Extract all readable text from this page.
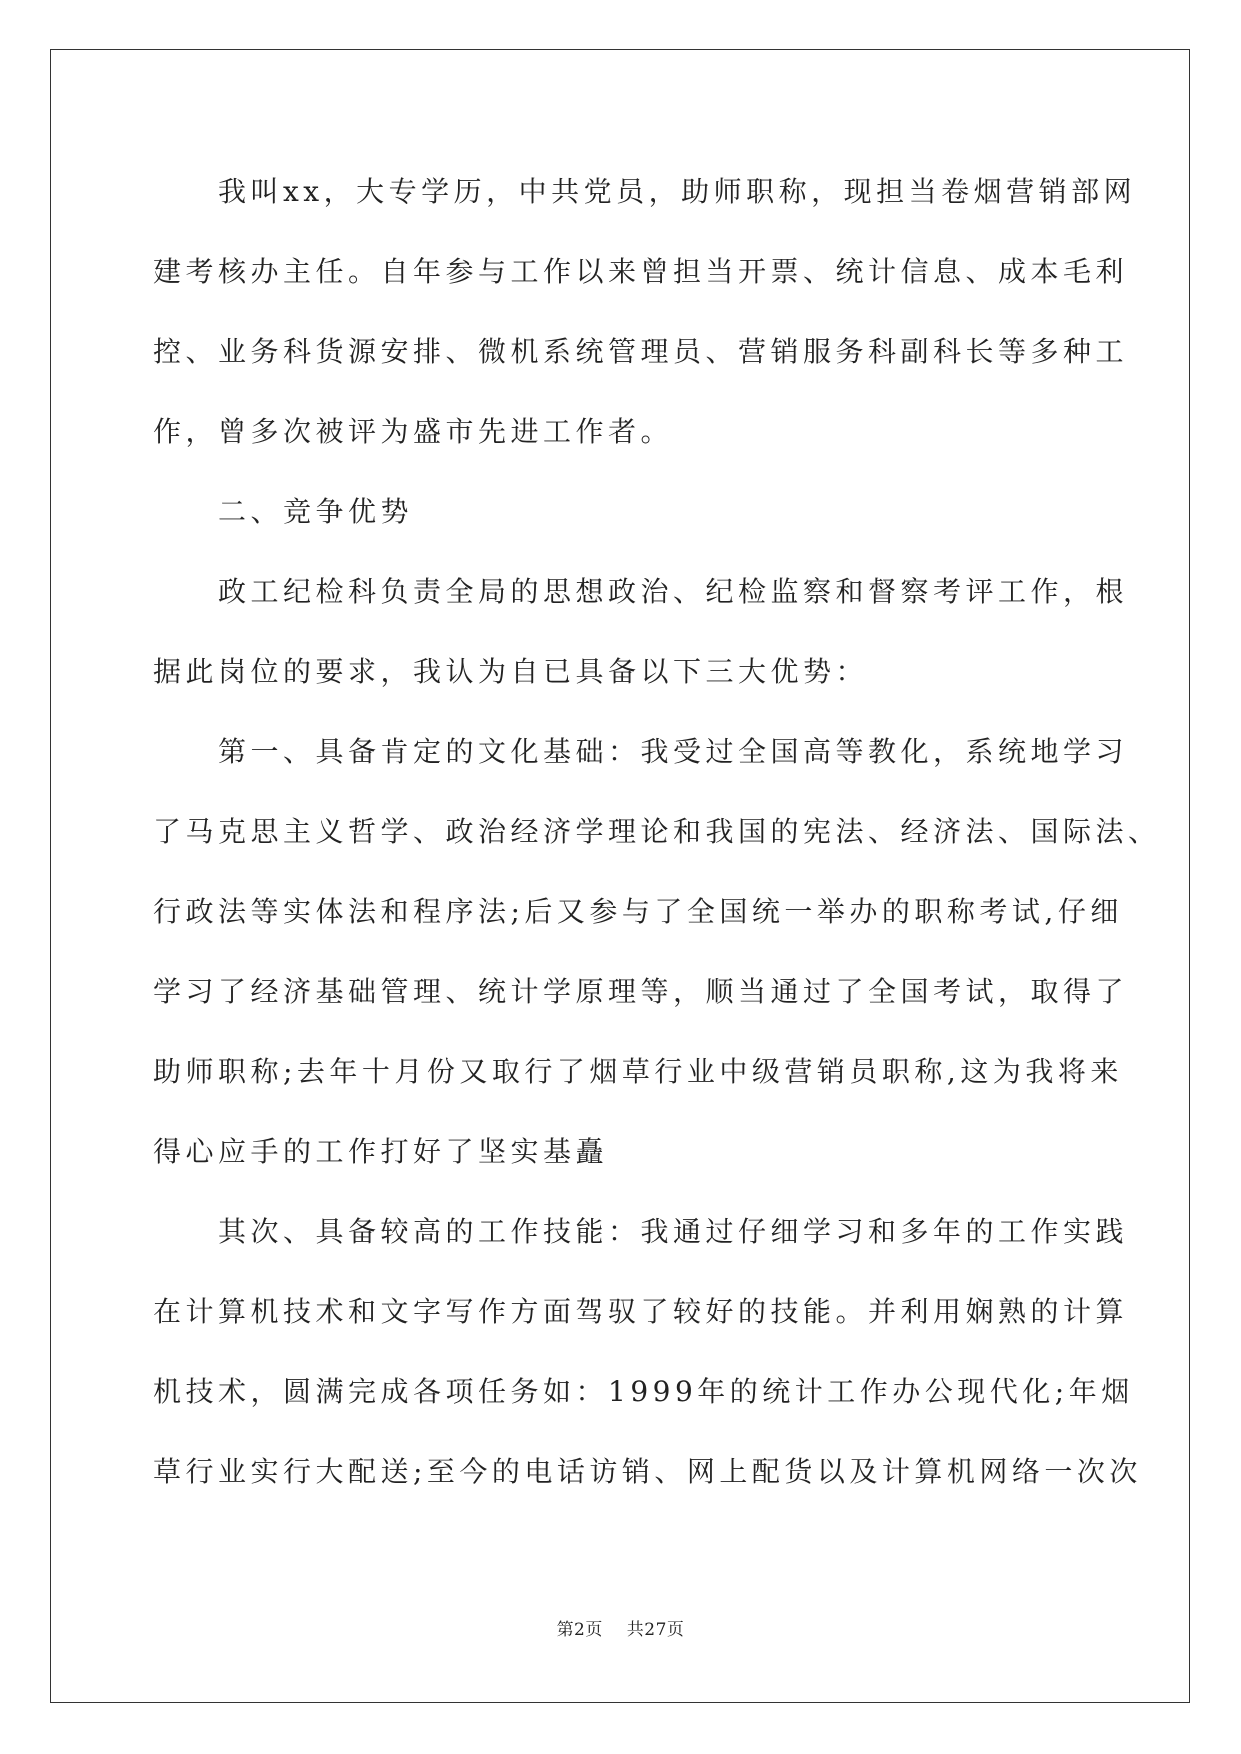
　　我叫xx，大专学历，中共党员，助师职称，现担当卷烟营销部网
建考核办主任。自年参与工作以来曾担当开票、统计信息、成本毛利
控、业务科货源安排、微机系统管理员、营销服务科副科长等多种工
作，曾多次被评为盛市先进工作者。
　　二、竞争优势
　　政工纪检科负责全局的思想政治、纪检监察和督察考评工作，根
据此岗位的要求，我认为自已具备以下三大优势：
　　第一、具备肯定的文化基础：我受过全国高等教化，系统地学习
了马克思主义哲学、政治经济学理论和我国的宪法、经济法、国际法、
行政法等实体法和程序法;后又参与了全国统一举办的职称考试,仔细
学习了经济基础管理、统计学原理等，顺当通过了全国考试，取得了
助师职称;去年十月份又取行了烟草行业中级营销员职称,这为我将来
得心应手的工作打好了坚实基矗
　　其次、具备较高的工作技能：我通过仔细学习和多年的工作实践
在计算机技术和文字写作方面驾驭了较好的技能。并利用娴熟的计算
机技术，圆满完成各项任务如：1999年的统计工作办公现代化;年烟
草行业实行大配送;至今的电话访销、网上配货以及计算机网络一次次
第2页 共27页
